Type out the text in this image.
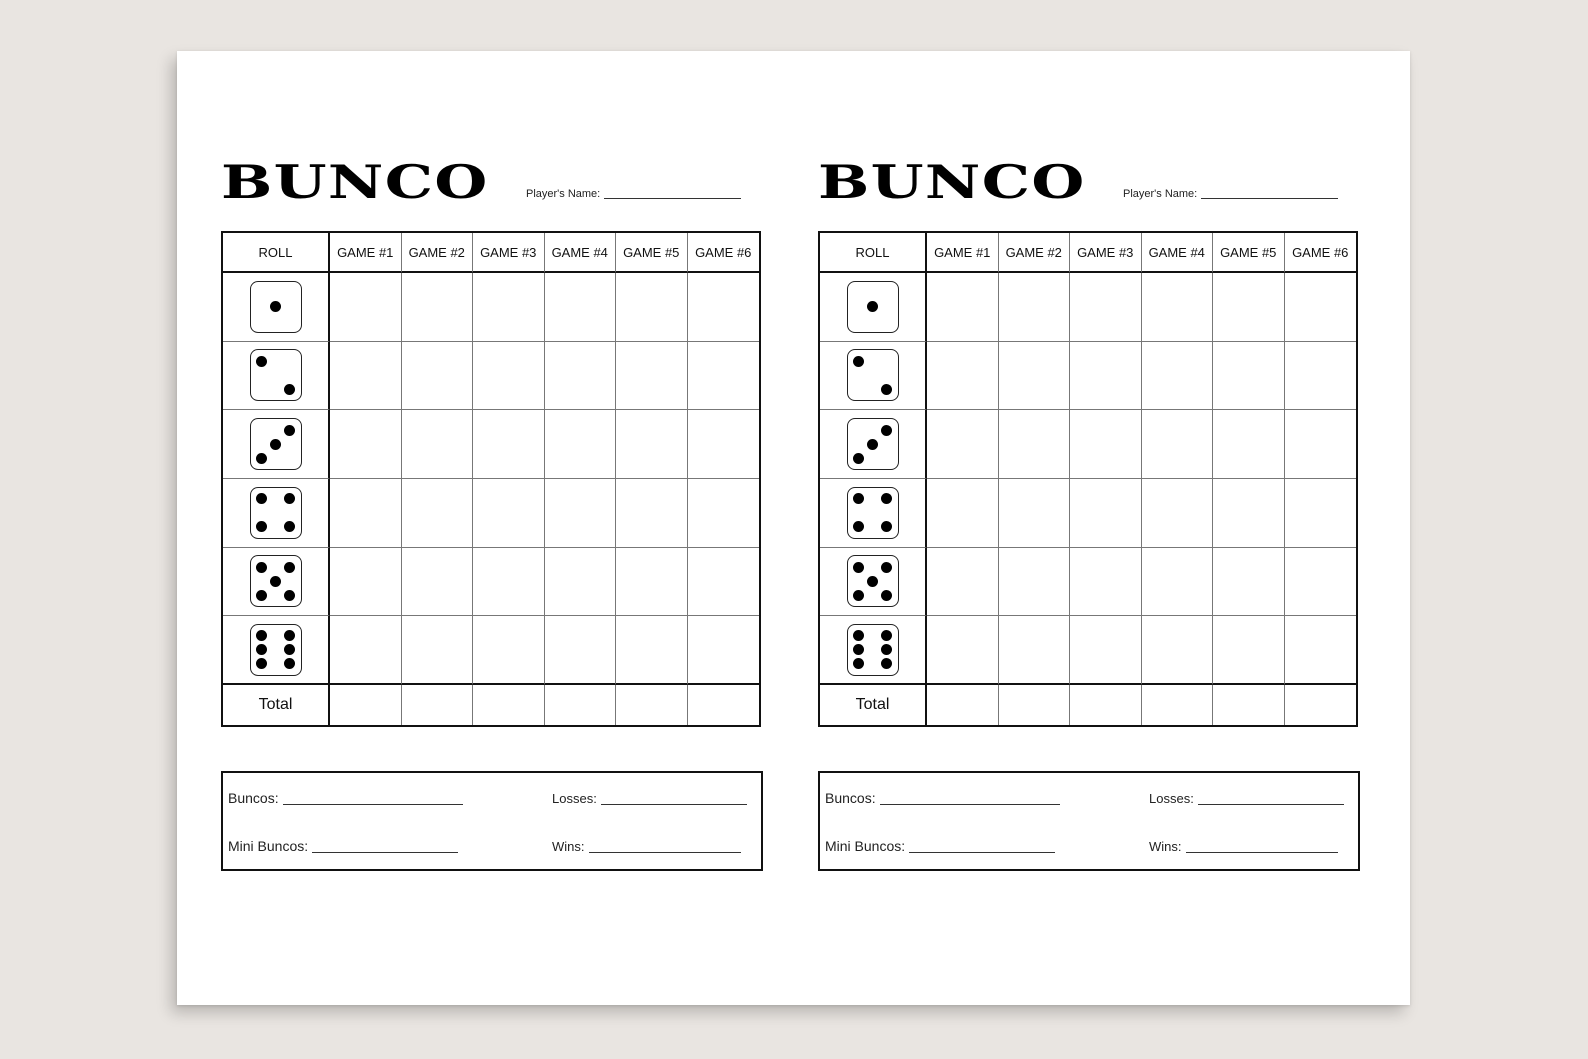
BUNCO	Player's Name:
ROLL	GAME #1	GAME #2	GAME #3	GAME #4	GAME #5	GAME #6
Total
Buncos:
Mini Buncos:
Losses:
Wins:
BUNCO	Player's Name:
ROLL	GAME #1	GAME #2	GAME #3	GAME #4	GAME #5	GAME #6
Total
Buncos:
Mini Buncos:
Losses:
Wins:
